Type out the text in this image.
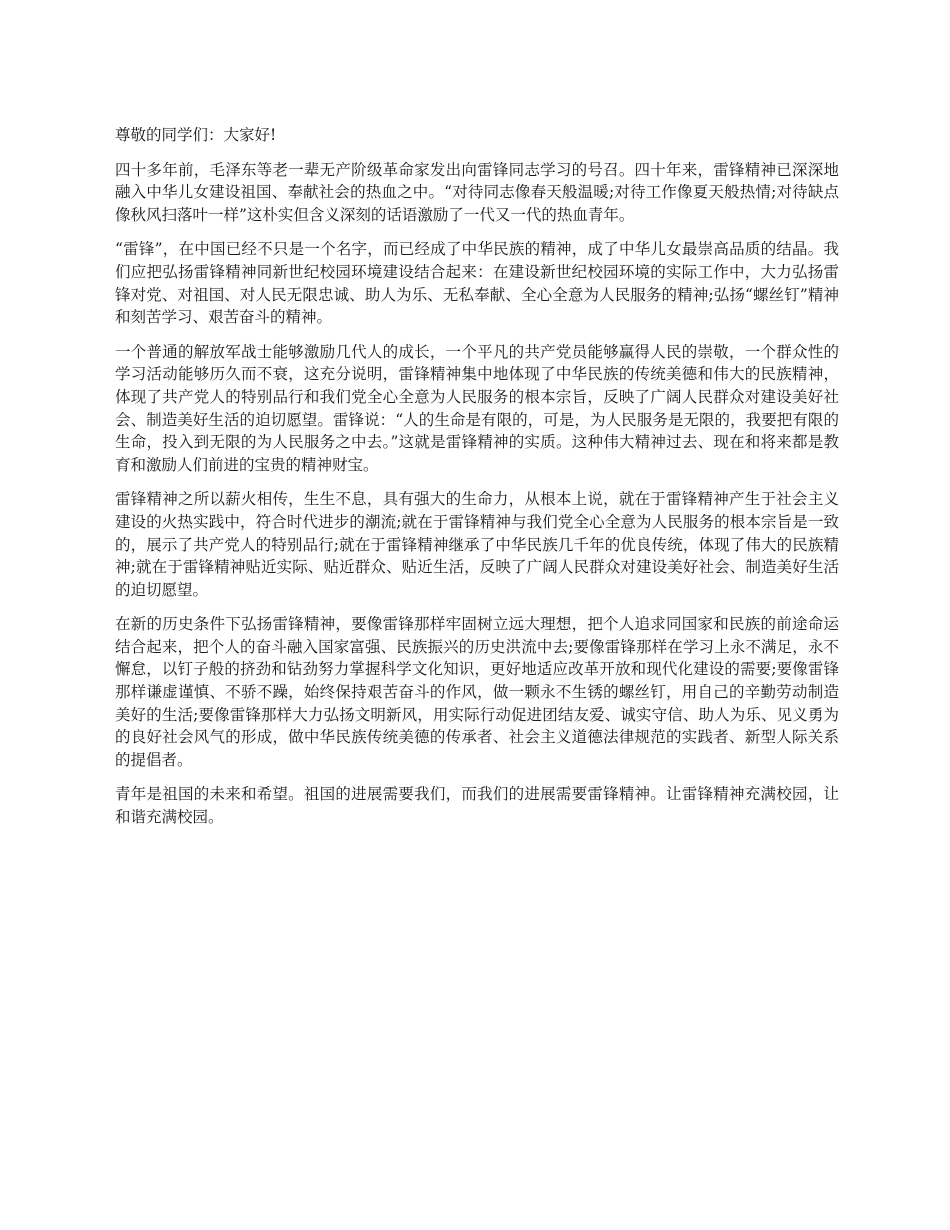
尊敬的同学们：大家好!

四十多年前，毛泽东等老一辈无产阶级革命家发出向雷锋同志学习的号召。四十年来，雷锋精神已深深地融入中华儿女建设祖国、奉献社会的热血之中。“对待同志像春天般温暖;对待工作像夏天般热情;对待缺点像秋风扫落叶一样”这朴实但含义深刻的话语激励了一代又一代的热血青年。

“雷锋”，在中国已经不只是一个名字，而已经成了中华民族的精神，成了中华儿女最崇高品质的结晶。我们应把弘扬雷锋精神同新世纪校园环境建设结合起来：在建设新世纪校园环境的实际工作中，大力弘扬雷锋对党、对祖国、对人民无限忠诚、助人为乐、无私奉献、全心全意为人民服务的精神;弘扬“螺丝钉”精神和刻苦学习、艰苦奋斗的精神。

一个普通的解放军战士能够激励几代人的成长，一个平凡的共产党员能够赢得人民的崇敬，一个群众性的学习活动能够历久而不衰，这充分说明，雷锋精神集中地体现了中华民族的传统美德和伟大的民族精神，体现了共产党人的特别品行和我们党全心全意为人民服务的根本宗旨，反映了广阔人民群众对建设美好社会、制造美好生活的迫切愿望。雷锋说：“人的生命是有限的，可是，为人民服务是无限的，我要把有限的生命，投入到无限的为人民服务之中去。”这就是雷锋精神的实质。这种伟大精神过去、现在和将来都是教育和激励人们前进的宝贵的精神财宝。

雷锋精神之所以薪火相传，生生不息，具有强大的生命力，从根本上说，就在于雷锋精神产生于社会主义建设的火热实践中，符合时代进步的潮流;就在于雷锋精神与我们党全心全意为人民服务的根本宗旨是一致的，展示了共产党人的特别品行;就在于雷锋精神继承了中华民族几千年的优良传统，体现了伟大的民族精神;就在于雷锋精神贴近实际、贴近群众、贴近生活，反映了广阔人民群众对建设美好社会、制造美好生活的迫切愿望。

在新的历史条件下弘扬雷锋精神，要像雷锋那样牢固树立远大理想，把个人追求同国家和民族的前途命运结合起来，把个人的奋斗融入国家富强、民族振兴的历史洪流中去;要像雷锋那样在学习上永不满足，永不懈怠，以钉子般的挤劲和钻劲努力掌握科学文化知识，更好地适应改革开放和现代化建设的需要;要像雷锋那样谦虚谨慎、不骄不躁，始终保持艰苦奋斗的作风，做一颗永不生锈的螺丝钉，用自己的辛勤劳动制造美好的生活;要像雷锋那样大力弘扬文明新风，用实际行动促进团结友爱、诚实守信、助人为乐、见义勇为的良好社会风气的形成，做中华民族传统美德的传承者、社会主义道德法律规范的实践者、新型人际关系的提倡者。

青年是祖国的未来和希望。祖国的进展需要我们，而我们的进展需要雷锋精神。让雷锋精神充满校园，让和谐充满校园。
